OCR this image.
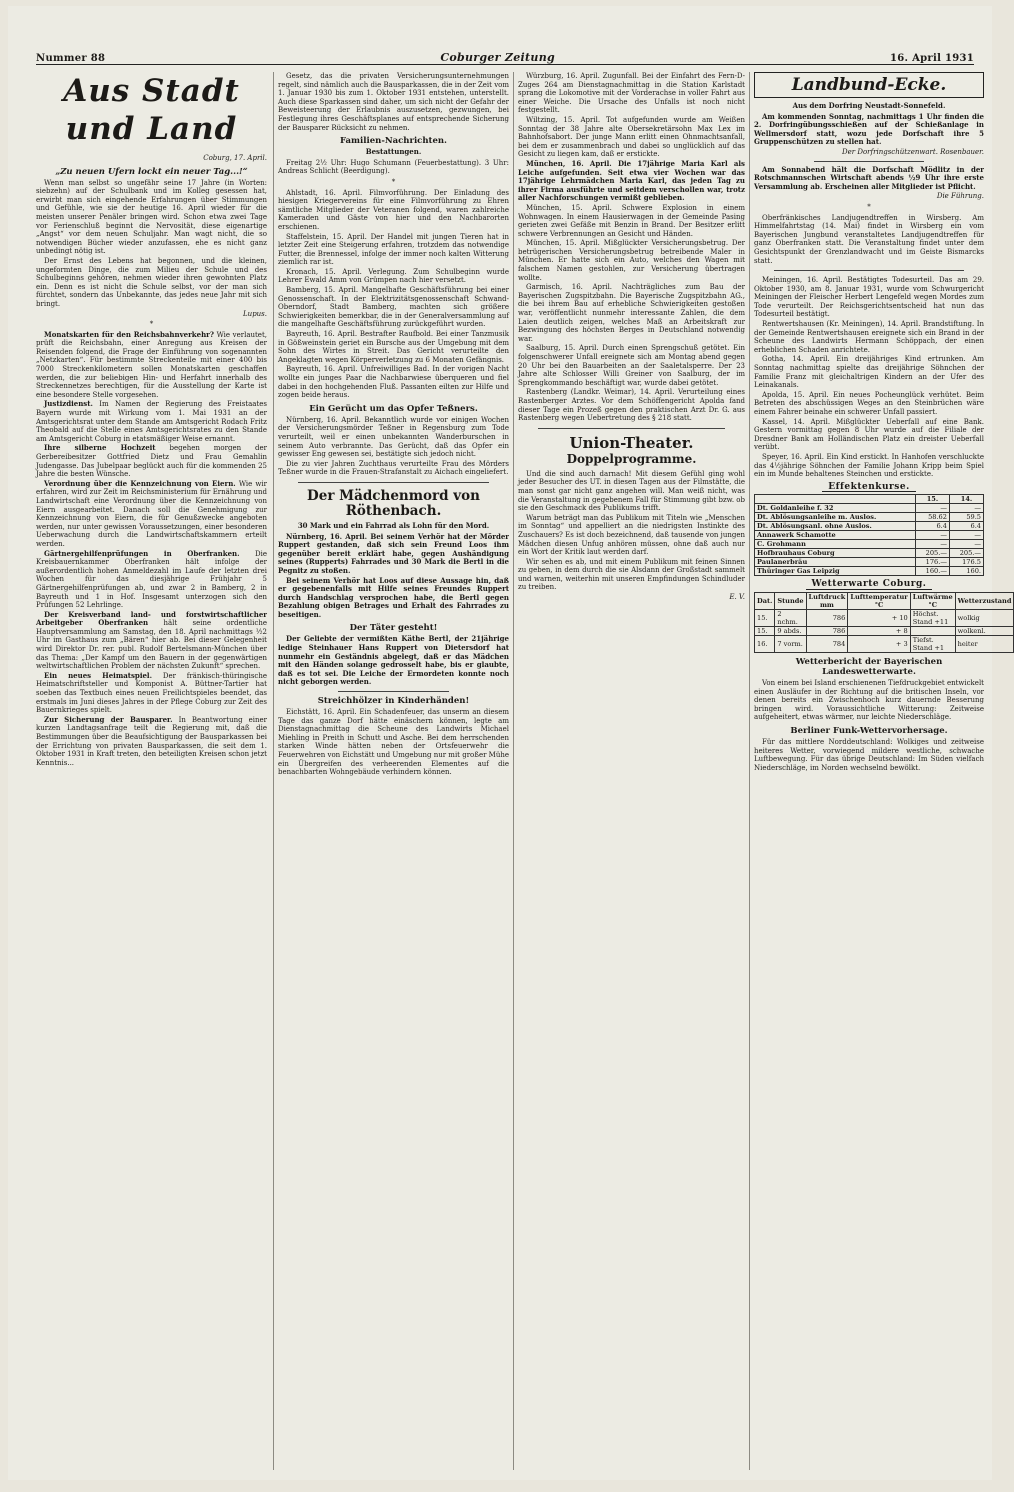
Nummer 88	Coburger Zeitung	16. April 1931
Aus Stadt und Land
Coburg, 17. April.
„Zu neuen Ufern lockt ein neuer Tag...!“

Wenn man selbst so ungefähr seine 17 Jahre (in Worten: siebzehn) auf der Schulbank und im Kolleg gesessen hat, erwirbt man sich eingehende Erfahrungen über Stimmungen und Gefühle, wie sie der heutige 16. April wieder für die meisten unserer Penäler bringen wird. Schon etwa zwei Tage vor Ferienschluß beginnt die Nervosität, diese eigenartige „Angst“ vor dem neuen Schuljahr. Man wagt nicht, die so notwendigen Bücher wieder anzufassen, ehe es nicht ganz unbedingt nötig ist.

Der Ernst des Lebens hat begonnen, und die kleinen, ungeformten Dinge, die zum Milieu der Schule und des Schulbeginns gehören, nehmen wieder ihren gewohnten Platz ein. Denn es ist nicht die Schule selbst, vor der man sich fürchtet, sondern das Unbekannte, das jedes neue Jahr mit sich bringt.

Lupus.
*

Monatskarten für den Reichsbahnverkehr? Wie verlautet, prüft die Reichsbahn, einer Anregung aus Kreisen der Reisenden folgend, die Frage der Einführung von sogenannten „Netzkarten“. Für bestimmte Streckenteile mit einer 400 bis 7000 Streckenkilometern sollen Monatskarten geschaffen werden, die zur beliebigen Hin- und Herfahrt innerhalb des Streckennetzes berechtigen, für die Ausstellung der Karte ist eine besondere Stelle vorgesehen.

Justizdienst. Im Namen der Regierung des Freistaates Bayern wurde mit Wirkung vom 1. Mai 1931 an der Amtsgerichtsrat unter dem Stande am Amtsgericht Rodach Fritz Theobald auf die Stelle eines Amtsgerichtsrates zu den Stande am Amtsgericht Coburg in etatsmäßiger Weise ernannt.

Ihre silberne Hochzeit begehen morgen der Gerbereibesitzer Gottfried Dietz und Frau Gemahlin Judengasse. Das Jubelpaar beglückt auch für die kommenden 25 Jahre die besten Wünsche.

Verordnung über die Kennzeichnung von Eiern. Wie wir erfahren, wird zur Zeit im Reichsministerium für Ernährung und Landwirtschaft eine Verordnung über die Kennzeichnung von Eiern ausgearbeitet. Danach soll die Genehmigung zur Kennzeichnung von Eiern, die für Genußzwecke angeboten werden, nur unter gewissen Voraussetzungen, einer besonderen Ueberwachung durch die Landwirtschaftskammern erteilt werden.

Gärtnergehilfenprüfungen in Oberfranken. Die Kreisbauernkammer Oberfranken hält infolge der außerordentlich hohen Anmeldezahl im Laufe der letzten drei Wochen für das diesjährige Frühjahr 5 Gärtnergehilfenprüfungen ab, und zwar 2 in Bamberg, 2 in Bayreuth und 1 in Hof. Insgesamt unterzogen sich den Prüfungen 52 Lehrlinge.

Der Kreisverband land- und forstwirtschaftlicher Arbeitgeber Oberfranken hält seine ordentliche Hauptversammlung am Samstag, den 18. April nachmittags ½2 Uhr im Gasthaus zum „Bären“ hier ab. Bei dieser Gelegenheit wird Direktor Dr. rer. publ. Rudolf Bertelsmann-München über das Thema: „Der Kampf um den Bauern in der gegenwärtigen weltwirtschaftlichen Problem der nächsten Zukunft“ sprechen.

Ein neues Heimatspiel. Der fränkisch-thüringische Heimatschriftsteller und Komponist A. Büttner-Tartier hat soeben das Textbuch eines neuen Freilichtspieles beendet, das erstmals im Juni dieses Jahres in der Pflege Coburg zur Zeit des Bauernkrieges spielt.

Zur Sicherung der Bausparer. In Beantwortung einer kurzen Landtagsanfrage teilt die Regierung mit, daß die Bestimmungen über die Beaufsichtigung der Bausparkassen bei der Errichtung von privaten Bausparkassen, die seit dem 1. Oktober 1931 in Kraft treten, den beteiligten Kreisen schon jetzt Kenntnis...

Gesetz, das die privaten Versicherungsunternehmungen regelt, sind nämlich auch die Bausparkassen, die in der Zeit vom 1. Januar 1930 bis zum 1. Oktober 1931 entstehen, unterstellt. Auch diese Sparkassen sind daher, um sich nicht der Gefahr der Beweisteerung der Erlaubnis auszusetzen, gezwungen, bei Festlegung ihres Geschäftsplanes auf entsprechende Sicherung der Bausparer Rücksicht zu nehmen.

Familien-Nachrichten.
Bestattungen.

Freitag 2½ Uhr: Hugo Schumann (Feuerbestattung). 3 Uhr: Andreas Schlicht (Beerdigung).

*

Ahlstadt, 16. April. Filmvorführung. Der Einladung des hiesigen Kriegervereins für eine Filmvorführung zu Ehren sämtliche Mitglieder der Veteranen folgend, waren zahlreiche Kameraden und Gäste von hier und den Nachbarorten erschienen.

Staffelstein, 15. April. Der Handel mit jungen Tieren hat in letzter Zeit eine Steigerung erfahren, trotzdem das notwendige Futter, die Brennessel, infolge der immer noch kalten Witterung ziemlich rar ist.

Kronach, 15. April. Verlegung. Zum Schulbeginn wurde Lehrer Ewald Amm von Grümpen nach hier versetzt.

Bamberg, 15. April. Mangelhafte Geschäftsführung bei einer Genossenschaft. In der Elektrizitätsgenossenschaft Schwand-Oberndorf, Stadt Bamberg, machten sich größere Schwierigkeiten bemerkbar, die in der Generalversammlung auf die mangelhafte Geschäftsführung zurückgeführt wurden.

Bayreuth, 16. April. Bestrafter Raufbold. Bei einer Tanzmusik in Gößweinstein geriet ein Bursche aus der Umgebung mit dem Sohn des Wirtes in Streit. Das Gericht verurteilte den Angeklagten wegen Körperverletzung zu 6 Monaten Gefängnis.

Bayreuth, 16. April. Unfreiwilliges Bad. In der vorigen Nacht wollte ein junges Paar die Nachbarwiese überqueren und fiel dabei in den hochgehenden Fluß. Passanten eilten zur Hilfe und zogen beide heraus.

Ein Gerücht um das Opfer Teßners.

Nürnberg, 16. April. Bekanntlich wurde vor einigen Wochen der Versicherungsmörder Teßner in Regensburg zum Tode verurteilt, weil er einen unbekannten Wanderburschen in seinem Auto verbrannte. Das Gerücht, daß das Opfer ein gewisser Eng gewesen sei, bestätigte sich jedoch nicht.

Die zu vier Jahren Zuchthaus verurteilte Frau des Mörders Teßner wurde in die Frauen-Strafanstalt zu Aichach eingeliefert.

Der Mädchenmord von Röthenbach.
30 Mark und ein Fahrrad als Lohn für den Mord.

Nürnberg, 16. April. Bei seinem Verhör hat der Mörder Ruppert gestanden, daß sich sein Freund Loos ihm gegenüber bereit erklärt habe, gegen Aushändigung seines (Rupperts) Fahrrades und 30 Mark die Bertl in die Pegnitz zu stoßen.

Bei seinem Verhör hat Loos auf diese Aussage hin, daß er gegebenenfalls mit Hilfe seines Freundes Ruppert durch Handschlag versprochen habe, die Bertl gegen Bezahlung obigen Betrages und Erhalt des Fahrrades zu beseitigen.

Der Täter gesteht!

Der Geliebte der vermißten Käthe Bertl, der 21jährige ledige Steinhauer Hans Ruppert von Dietersdorf hat nunmehr ein Geständnis abgelegt, daß er das Mädchen mit den Händen solange gedrosselt habe, bis er glaubte, daß es tot sei. Die Leiche der Ermordeten konnte noch nicht geborgen werden.

Streichhölzer in Kinderhänden!

Eichstätt, 16. April. Ein Schadenfeuer, das unserm an diesem Tage das ganze Dorf hätte einäschern können, legte am Dienstagnachmittag die Scheune des Landwirts Michael Miehling in Preith in Schutt und Asche. Bei dem herrschenden starken Winde hätten neben der Ortsfeuerwehr die Feuerwehren von Eichstätt und Umgebung nur mit großer Mühe ein Übergreifen des verheerenden Elementes auf die benachbarten Wohngebäude verhindern können.

Würzburg, 16. April. Zugunfall. Bei der Einfahrt des Fern-D-Zuges 264 am Dienstagnachmittag in die Station Karlstadt sprang die Lokomotive mit der Vorderachse in voller Fahrt aus einer Weiche. Die Ursache des Unfalls ist noch nicht festgestellt.

Wiltzing, 15. April. Tot aufgefunden wurde am Weißen Sonntag der 38 Jahre alte Obersekretärsohn Max Lex im Bahnhofsabort. Der junge Mann erlitt einen Ohnmachtsanfall, bei dem er zusammenbrach und dabei so unglücklich auf das Gesicht zu liegen kam, daß er erstickte.

München, 16. April. Die 17jährige Maria Karl als Leiche aufgefunden. Seit etwa vier Wochen war das 17jährige Lehrmädchen Maria Karl, das jeden Tag zu ihrer Firma ausführte und seitdem verschollen war, trotz aller Nachforschungen vermißt geblieben.

München, 15. April. Schwere Explosion in einem Wohnwagen. In einem Hausierwagen in der Gemeinde Pasing gerieten zwei Gefäße mit Benzin in Brand. Der Besitzer erlitt schwere Verbrennungen an Gesicht und Händen.

München, 15. April. Mißglückter Versicherungsbetrug. Der betrügerischen Versicherungsbetrug betreibende Maler in München. Er hatte sich ein Auto, welches den Wagen mit falschem Namen gestohlen, zur Versicherung übertragen wollte.

Garmisch, 16. April. Nachträgliches zum Bau der Bayerischen Zugspitzbahn. Die Bayerische Zugspitzbahn AG., die bei ihrem Bau auf erhebliche Schwierigkeiten gestoßen war, veröffentlicht nunmehr interessante Zahlen, die dem Laien deutlich zeigen, welches Maß an Arbeitskraft zur Bezwingung des höchsten Berges in Deutschland notwendig war.

Saalburg, 15. April. Durch einen Sprengschuß getötet. Ein folgenschwerer Unfall ereignete sich am Montag abend gegen 20 Uhr bei den Bauarbeiten an der Saaletalsperre. Der 23 Jahre alte Schlosser Willi Greiner von Saalburg, der im Sprengkommando beschäftigt war, wurde dabei getötet.

Rastenberg (Landkr. Weimar), 14. April. Verurteilung eines Rastenberger Arztes. Vor dem Schöffengericht Apolda fand dieser Tage ein Prozeß gegen den praktischen Arzt Dr. G. aus Rastenberg wegen Uebertretung des § 218 statt.

Union-Theater.
Doppelprogramme.

Und die sind auch darnach! Mit diesem Gefühl ging wohl jeder Besucher des UT. in diesen Tagen aus der Filmstätte, die man sonst gar nicht ganz angehen will. Man weiß nicht, was die Veranstaltung in gegebenem Fall für Stimmung gibt bzw. ob sie den Geschmack des Publikums trifft.

Warum beträgt man das Publikum mit Titeln wie „Menschen im Sonntag“ und appelliert an die niedrigsten Instinkte des Zuschauers? Es ist doch bezeichnend, daß tausende von jungen Mädchen diesen Unfug anhören müssen, ohne daß auch nur ein Wort der Kritik laut werden darf.

Wir sehen es ab, und mit einem Publikum mit feinen Sinnen zu geben, in dem durch die sie Alsdann der Großstadt sammelt und warnen, weiterhin mit unseren Empfindungen Schindluder zu treiben.

E. V.
Landbund-Ecke.
Aus dem Dorfring Neustadt-Sonnefeld.

Am kommenden Sonntag, nachmittags 1 Uhr finden die 2. Dorfringübungsschießen auf der Schießanlage in Wellmersdorf statt, wozu jede Dorfschaft ihre 5 Gruppenschützen zu stellen hat.

Der Dorfringschützenwart. Rosenbauer.

Am Sonnabend hält die Dorfschaft Mödlitz in der Rotschmannschen Wirtschaft abends ½9 Uhr ihre erste Versammlung ab. Erscheinen aller Mitglieder ist Pflicht.

Die Führung.
*

Oberfränkisches Landjugendtreffen in Wirsberg. Am Himmelfahrtstag (14. Mai) findet in Wirsberg ein vom Bayerischen Jungbund veranstaltetes Landjugendtreffen für ganz Oberfranken statt. Die Veranstaltung findet unter dem Gesichtspunkt der Grenzlandwacht und im Geiste Bismarcks statt.

Meiningen, 16. April. Bestätigtes Todesurteil. Das am 29. Oktober 1930, am 8. Januar 1931, wurde vom Schwurgericht Meiningen der Fleischer Herbert Lengefeld wegen Mordes zum Tode verurteilt. Der Reichsgerichtsentscheid hat nun das Todesurteil bestätigt.

Rentwertshausen (Kr. Meiningen), 14. April. Brandstiftung. In der Gemeinde Rentwertshausen ereignete sich ein Brand in der Scheune des Landwirts Hermann Schöppach, der einen erheblichen Schaden anrichtete.

Gotha, 14. April. Ein dreijähriges Kind ertrunken. Am Sonntag nachmittag spielte das dreijährige Söhnchen der Familie Franz mit gleichaltrigen Kindern an der Ufer des Leinakanals.

Apolda, 15. April. Ein neues Pocheunglück verhütet. Beim Betreten des abschüssigen Weges an den Steinbrüchen wäre einem Fahrer beinahe ein schwerer Unfall passiert.

Kassel, 14. April. Mißglückter Ueberfall auf eine Bank. Gestern vormittag gegen 8 Uhr wurde auf die Filiale der Dresdner Bank am Holländischen Platz ein dreister Ueberfall verübt.

Speyer, 16. April. Ein Kind erstickt. In Hanhofen verschluckte das 4½jährige Söhnchen der Familie Johann Kripp beim Spiel ein im Munde behaltenes Steinchen und erstickte.

Effektenkurse.
	15.	14.
Dt. Goldanleihe f. 32	—	—
Dt. Ablösungsanleihe m. Auslos.	58.62	59.5
Dt. Ablösungsanl. ohne Auslos.	6.4	6.4
Annawerk Schamotte	—	—
C. Grohmann	—	—
Hofbrauhaus Coburg	205.—	205.—
Paulanerbräu	176.—	176.5
Thüringer Gas Leipzig	160.—	160.
Wetterwarte Coburg.
Dat.	Stunde	Luftdruck mm	Lufttemperatur °C	Luftwärme °C	Wetterzustand
15.	2 nchm.	786	+ 10	Höchst. Stand +11	wolkig
15.	9 abds.	786	+ 8		wolkenl.
16.	7 vorm.	784	+ 3	Tiefst. Stand +1	heiter
Wetterbericht der Bayerischen Landeswetterwarte.

Von einem bei Island erschienenen Tiefdruckgebiet entwickelt einen Ausläufer in der Richtung auf die britischen Inseln, vor denen bereits ein Zwischenhoch kurz dauernde Besserung bringen wird. Voraussichtliche Witterung: Zeitweise aufgeheitert, etwas wärmer, nur leichte Niederschläge.

Berliner Funk-Wettervorhersage.

Für das mittlere Norddeutschland: Wolkiges und zeitweise heiteres Wetter, vorwiegend mildere westliche, schwache Luftbewegung. Für das übrige Deutschland: Im Süden vielfach Niederschläge, im Norden wechselnd bewölkt.
